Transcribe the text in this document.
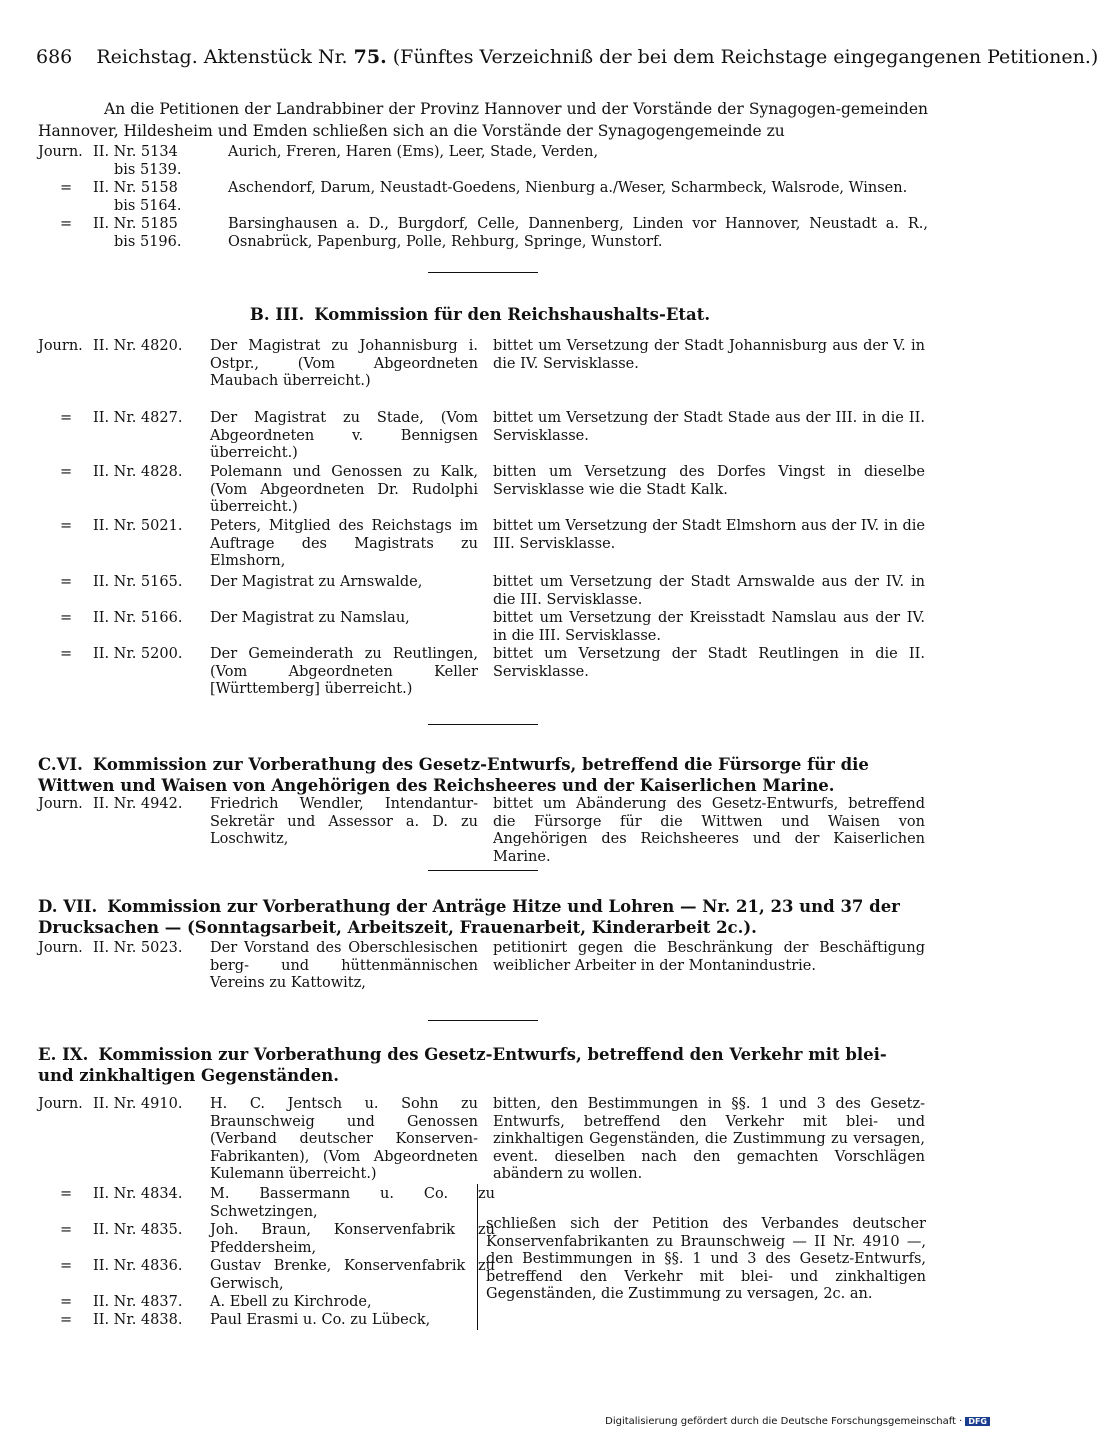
686 Reichstag. Aktenstück Nr. 75. (Fünftes Verzeichniß der bei dem Reichstage eingegangenen Petitionen.)
An die Petitionen der Landrabbiner der Provinz Hannover und der Vorstände der Synagogen-gemeinden Hannover, Hildesheim und Emden schließen sich an die Vorstände der Synagogengemeinde zu
Journ. II. Nr. 5134
bis 5139.
Aurich, Freren, Haren (Ems), Leer, Stade, Verden,
= II. Nr. 5158
bis 5164.
Aschendorf, Darum, Neustadt-Goedens, Nienburg a./Weser, Scharmbeck, Walsrode, Winsen.
= II. Nr. 5185
bis 5196.
Barsinghausen a. D., Burgdorf, Celle, Dannenberg, Linden vor Hannover, Neustadt a. R., Osnabrück, Papenburg, Polle, Rehburg, Springe, Wunstorf.
B. III. Kommission für den Reichshaushalts-Etat.
Journ. II. Nr. 4820. Der Magistrat zu Johannisburg i. Ostpr., (Vom Abgeordneten Maubach überreicht.)
bittet um Versetzung der Stadt Johannisburg aus der V. in die IV. Servisklasse.
= II. Nr. 4827. Der Magistrat zu Stade, (Vom Abgeordneten v. Bennigsen überreicht.)
bittet um Versetzung der Stadt Stade aus der III. in die II. Servisklasse.
= II. Nr. 4828. Polemann und Genossen zu Kalk, (Vom Abgeordneten Dr. Rudolphi überreicht.)
bitten um Versetzung des Dorfes Vingst in dieselbe Servisklasse wie die Stadt Kalk.
= II. Nr. 5021. Peters, Mitglied des Reichstags im Auftrage des Magistrats zu Elmshorn,
bittet um Versetzung der Stadt Elmshorn aus der IV. in die III. Servisklasse.
= II. Nr. 5165. Der Magistrat zu Arnswalde,	bittet um Versetzung der Stadt Arnswalde aus der IV. in die III. Servisklasse.
= II. Nr. 5166. Der Magistrat zu Namslau,	bittet um Versetzung der Kreisstadt Namslau aus der IV. in die III. Servisklasse.
= II. Nr. 5200. Der Gemeinderath zu Reutlingen, (Vom Abgeordneten Keller [Württemberg] überreicht.)
bittet um Versetzung der Stadt Reutlingen in die II. Servisklasse.
C.VI. Kommission zur Vorberathung des Gesetz-Entwurfs, betreffend die Fürsorge für die Wittwen und Waisen von Angehörigen des Reichsheeres und der Kaiserlichen Marine.
Journ. II. Nr. 4942. Friedrich Wendler, Intendantur-Sekretär und Assessor a. D. zu Loschwitz,
bittet um Abänderung des Gesetz-Entwurfs, betreffend die Fürsorge für die Wittwen und Waisen von Angehörigen des Reichsheeres und der Kaiserlichen Marine.
D. VII. Kommission zur Vorberathung der Anträge Hitze und Lohren — Nr. 21, 23 und 37 der Drucksachen — (Sonntagsarbeit, Arbeitszeit, Frauenarbeit, Kinderarbeit 2c.).
Journ. II. Nr. 5023. Der Vorstand des Oberschlesischen berg- und hüttenmännischen Vereins zu Kattowitz,
petitionirt gegen die Beschränkung der Beschäftigung weiblicher Arbeiter in der Montanindustrie.
E. IX. Kommission zur Vorberathung des Gesetz-Entwurfs, betreffend den Verkehr mit blei- und zinkhaltigen Gegenständen.
Journ. II. Nr. 4910. H. C. Jentsch u. Sohn zu Braunschweig und Genossen (Verband deutscher Konserven-Fabrikanten), (Vom Abgeordneten Kulemann überreicht.)
bitten, den Bestimmungen in §§. 1 und 3 des Gesetz-Entwurfs, betreffend den Verkehr mit blei- und zinkhaltigen Gegenständen, die Zustimmung zu versagen, event. dieselben nach den gemachten Vorschlägen abändern zu wollen.
= II. Nr. 4834. M. Bassermann u. Co. zu Schwetzingen,
= II. Nr. 4835. Joh. Braun, Konservenfabrik zu Pfeddersheim,
= II. Nr. 4836. Gustav Brenke, Konservenfabrik zu Gerwisch,
= II. Nr. 4837. A. Ebell zu Kirchrode,
= II. Nr. 4838. Paul Erasmi u. Co. zu Lübeck,
schließen sich der Petition des Verbandes deutscher Konservenfabrikanten zu Braunschweig — II Nr. 4910 —, den Bestimmungen in §§. 1 und 3 des Gesetz-Entwurfs, betreffend den Verkehr mit blei- und zinkhaltigen Gegenständen, die Zustimmung zu versagen, 2c. an.
Digitalisierung gefördert durch die Deutsche Forschungsgemeinschaft · DFG
